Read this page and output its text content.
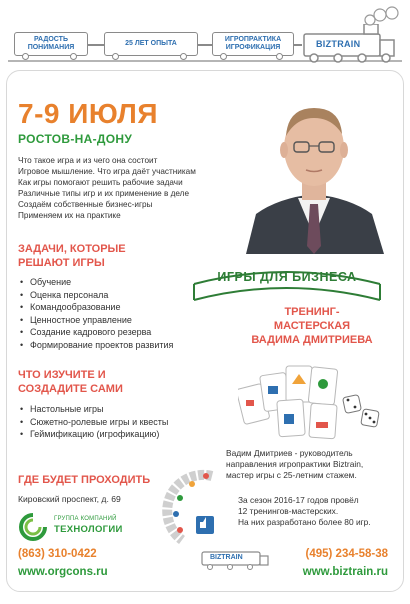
РАДОСТЬ ПОНИМАНИЯ
25 ЛЕТ ОПЫТА
ИГРОПРАКТИКА ИГРОФИКАЦИЯ	BIZTRAIN
7-9 ИЮЛЯ
РОСТОВ-НА-ДОНУ
Что такое игра и из чего она состоит
Игровое мышление. Что игра даёт участникам
Как игры помогают решить рабочие задачи
Различные типы игр и их применение в деле
Создаём собственные бизнес-игры
Применяем их на практике
ЗАДАЧИ, КОТОРЫЕ
РЕШАЮТ ИГРЫ
• Обучение
• Оценка персонала
• Командообразование
• Ценностное управление
• Создание кадрового резерва
• Формирование проектов развития
ЧТО ИЗУЧИТЕ И
СОЗДАДИТЕ САМИ
• Настольные игры
• Сюжетно-ролевые игры и квесты
• Геймификацию (игрофикацию)
ИГРЫ ДЛЯ БИЗНЕСА
ТРЕНИНГ-
МАСТЕРСКАЯ
ВАДИМА ДМИТРИЕВА
Вадим Дмитриев - руководитель
направления игропрактики Biztrain,
мастер игры с 25-летним стажем.
За сезон 2016-17 годов провёл
12 тренингов-мастерских.
На них разработано более 80 игр.
ГДЕ БУДЕТ ПРОХОДИТЬ
Кировский проспект, д. 69
ГРУППА КОМПАНИЙ
ТЕХНОЛОГИИ
(863) 310-0422
www.orgcons.ru
BIZTRAIN	(495) 234-58-38
www.biztrain.ru
